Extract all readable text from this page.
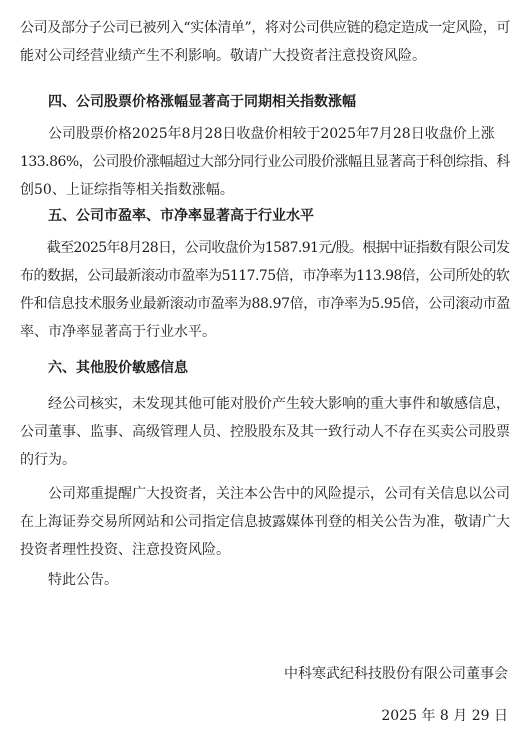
公司及部分子公司已被列入“实体清单”，将对公司供应链的稳定造成一定风险，可
能对公司经营业绩产生不利影响。敬请广大投资者注意投资风险。
四、公司股票价格涨幅显著高于同期相关指数涨幅
　　公司股票价格2025年8月28日收盘价相较于2025年7月28日收盘价上涨
133.86%，公司股价涨幅超过大部分同行业公司股价涨幅且显著高于科创综指、科
创50、上证综指等相关指数涨幅。
五、公司市盈率、市净率显著高于行业水平
　　截至2025年8月28日，公司收盘价为1587.91元/股。根据中证指数有限公司发
布的数据，公司最新滚动市盈率为5117.75倍，市净率为113.98倍，公司所处的软
件和信息技术服务业最新滚动市盈率为88.97倍，市净率为5.95倍，公司滚动市盈
率、市净率显著高于行业水平。
六、其他股价敏感信息
　　经公司核实，未发现其他可能对股价产生较大影响的重大事件和敏感信息，
公司董事、监事、高级管理人员、控股股东及其一致行动人不存在买卖公司股票
的行为。
　　公司郑重提醒广大投资者，关注本公告中的风险提示，公司有关信息以公司
在上海证券交易所网站和公司指定信息披露媒体刊登的相关公告为准，敬请广大
投资者理性投资、注意投资风险。
　　特此公告。
中科寒武纪科技股份有限公司董事会
2025 年 8 月 29 日
